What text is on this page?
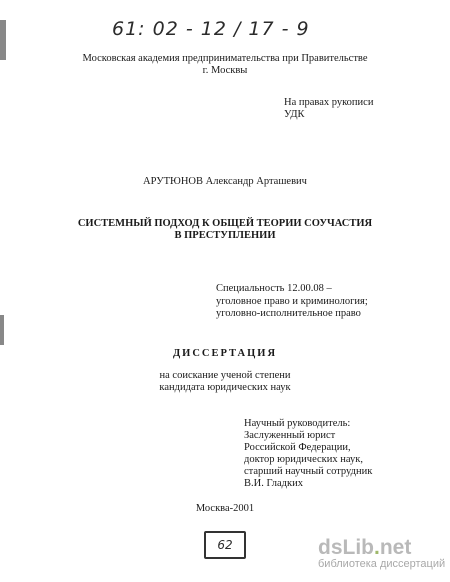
61: 02 - 12 / 17 - 9
Московская академия предпринимательства при Правительстве
г. Москвы
На правах рукописи
УДК
АРУТЮНОВ Александр Арташевич
СИСТЕМНЫЙ ПОДХОД К ОБЩЕЙ ТЕОРИИ СОУЧАСТИЯ
В ПРЕСТУПЛЕНИИ
Специальность 12.00.08 –
уголовное право и криминология;
уголовно-исполнительное право
ДИССЕРТАЦИЯ
на соискание ученой степени
кандидата юридических наук
Научный руководитель:
Заслуженный юрист
Российской Федерации,
доктор юридических наук,
старший научный сотрудник
В.И. Гладких
Москва-2001
62	dsLib.net
библиотека диссертаций
